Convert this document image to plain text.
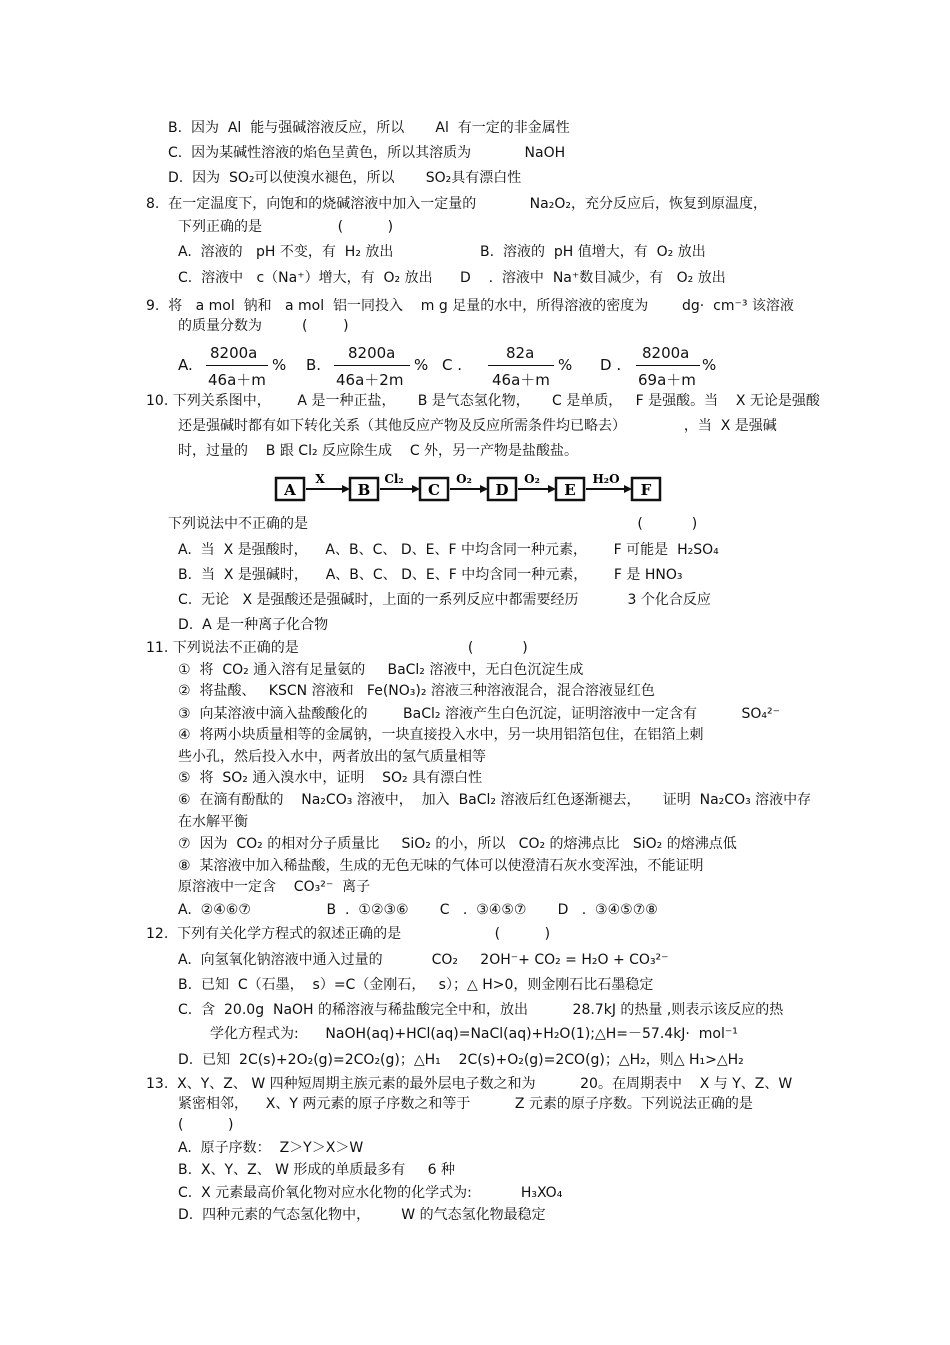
B.  因为  Al  能与强碱溶液反应，所以       Al  有一定的非金属性
C.  因为某碱性溶液的焰色呈黄色，所以其溶质为            NaOH
D.  因为  SO₂可以使溴水褪色，所以       SO₂具有漂白性
8.  在一定温度下，向饱和的烧碱溶液中加入一定量的            Na₂O₂，充分反应后，恢复到原温度，
下列正确的是                 (          )
A.  溶液的   pH 不变，有  H₂ 放出	B.  溶液的  pH 值增大，有  O₂ 放出
C.  溶液中   c（Na⁺）增大，有  O₂ 放出 D    .  溶液中  Na⁺数目减少，有   O₂ 放出
9.  将   a mol  钠和   a mol  铝一同投入    m g 足量的水中，所得溶液的密度为 dg·  cm⁻³ 该溶液
的质量分数为         (        )
A.
8200a
46a＋m
% B.
8200a
46a＋2m
% C .
82a
46a＋m
% D .
8200a
69a＋m
%
10. 下列关系图中，      A 是一种正盐，     B 是气态氢化物，     C 是单质，   F 是强酸。当    X 无论是强酸
还是强碱时都有如下转化关系（其他反应产物及反应所需条件均已略去）             ，当  X 是强碱
时，过量的    B 跟 Cl₂ 反应除生成    C 外，另一产物是盐酸盐。
A
X
B
Cl₂
C
O₂
D
O₂
E
H₂O
F
下列说法中不正确的是                                                                          (           )
A.  当  X 是强酸时，    A、B、C、 D、E、F 中均含同一种元素，      F 可能是  H₂SO₄
B.  当  X 是强碱时，    A、B、C、 D、E、F 中均含同一种元素，      F 是 HNO₃
C.  无论   X 是强酸还是强碱时，上面的一系列反应中都需要经历           3 个化合反应
D.  A 是一种离子化合物
11. 下列说法不正确的是                                      (           )
①  将  CO₂ 通入溶有足量氨的     BaCl₂ 溶液中，无白色沉淀生成
②  将盐酸、   KSCN 溶液和   Fe(NO₃)₂ 溶液三种溶液混合，混合溶液显红色
③  向某溶液中滴入盐酸酸化的        BaCl₂ 溶液产生白色沉淀，证明溶液中一定含有          SO₄²⁻
④  将两小块质量相等的金属钠，一块直接投入水中，另一块用铝箔包住，在铝箔上刺
些小孔，然后投入水中，两者放出的氢气质量相等
⑤  将  SO₂ 通入溴水中，证明    SO₂ 具有漂白性
⑥  在滴有酚酞的    Na₂CO₃ 溶液中，  加入  BaCl₂ 溶液后红色逐渐褪去，     证明  Na₂CO₃ 溶液中存
在水解平衡
⑦  因为  CO₂ 的相对分子质量比     SiO₂ 的小，所以   CO₂ 的熔沸点比   SiO₂ 的熔沸点低
⑧  某溶液中加入稀盐酸，生成的无色无味的气体可以使澄清石灰水变浑浊，不能证明
原溶液中一定含    CO₃²⁻  离子
A.  ②④⑥⑦                 B  .  ①②③⑥       C   .  ③④⑤⑦       D   .  ③④⑤⑦⑧
12.  下列有关化学方程式的叙述正确的是                     (          )
A.  向氢氧化钠溶液中通入过量的           CO₂     2OH⁻+ CO₂ = H₂O + CO₃²⁻
B.  已知  C（石墨，  s）=C（金刚石，   s）；△ H>0，则金刚石比石墨稳定
C.  含  20.0g  NaOH 的稀溶液与稀盐酸完全中和，放出          28.7kJ 的热量 ,则表示该反应的热
学化方程式为:      NaOH(aq)+HCl(aq)=NaCl(aq)+H₂O(1);△H=－57.4kJ·  mol⁻¹
D.  已知  2C(s)+2O₂(g)=2CO₂(g)；△H₁    2C(s)+O₂(g)=2CO(g)；△H₂，则△ H₁>△H₂
13.  X、Y、Z、 W 四种短周期主族元素的最外层电子数之和为          20。在周期表中    X 与 Y、Z、W
紧密相邻，    X、Y 两元素的原子序数之和等于          Z 元素的原子序数。下列说法正确的是
(          )
A.  原子序数：  Z＞Y＞X＞W
B.  X、Y、Z、 W 形成的单质最多有     6 种
C.  X 元素最高价氧化物对应水化物的化学式为:           H₃XO₄
D.  四种元素的气态氢化物中，       W 的气态氢化物最稳定
